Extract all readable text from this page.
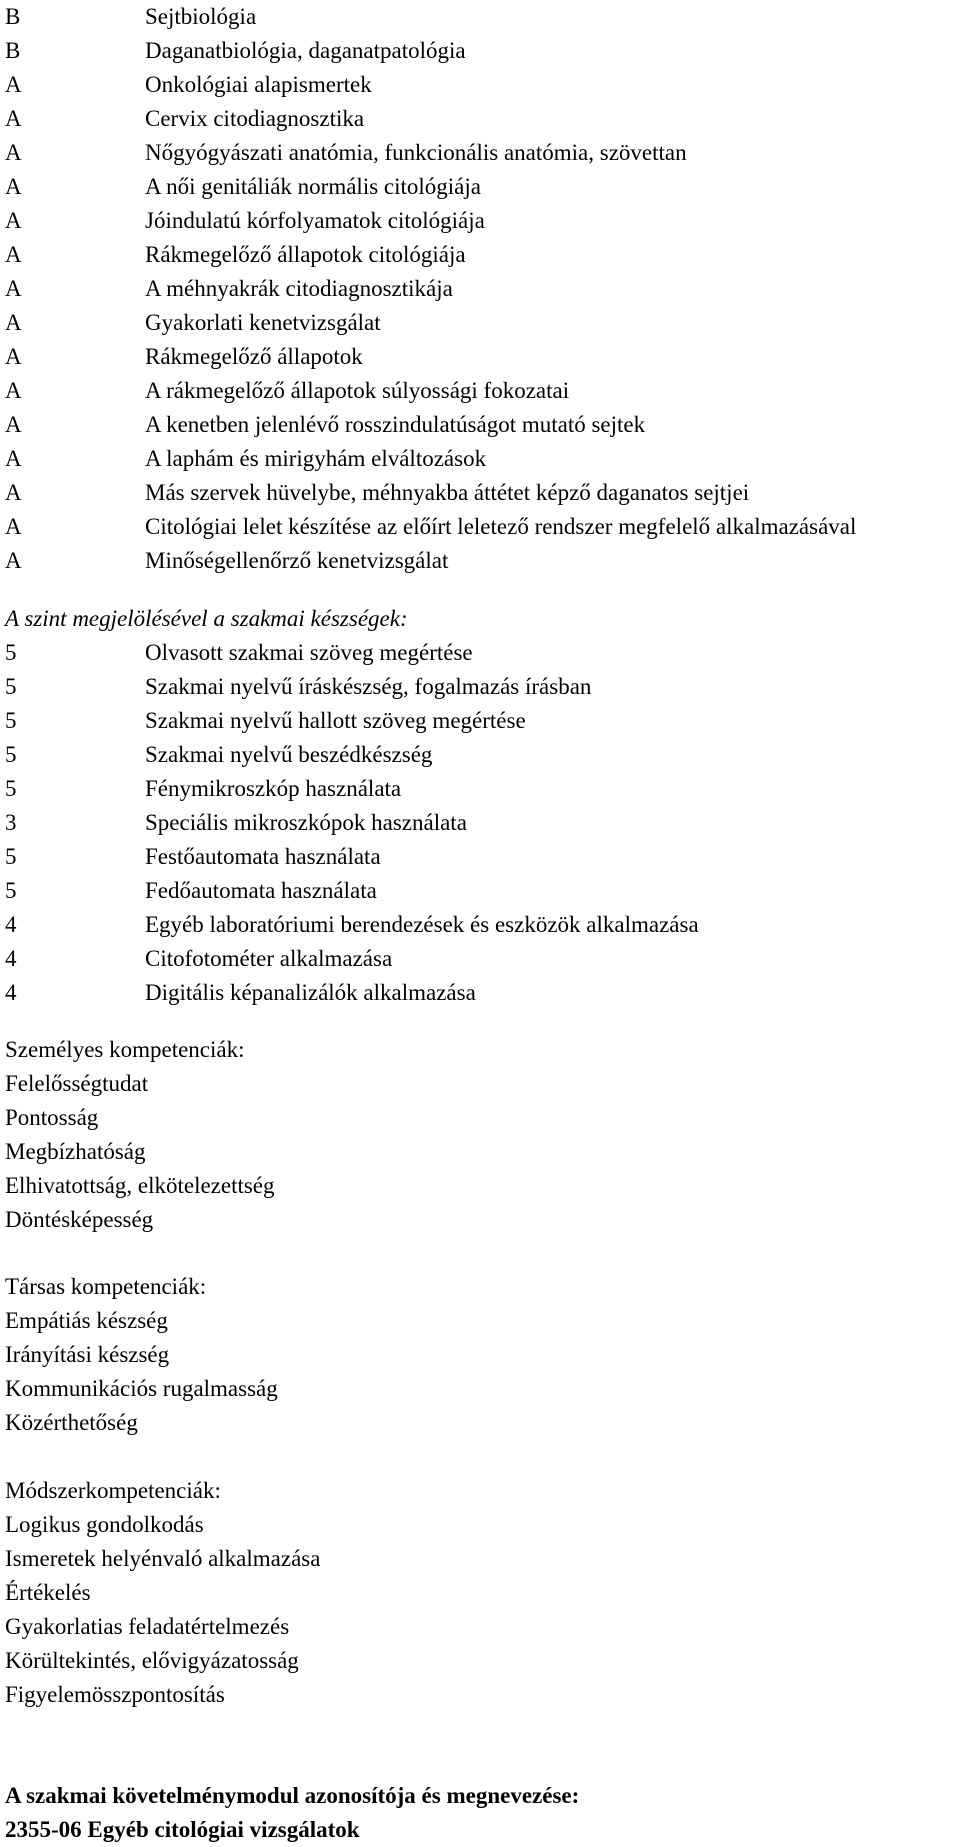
B	Sejtbiológia
B	Daganatbiológia, daganatpatológia
A	Onkológiai alapismertek
A	Cervix citodiagnosztika
A	Nőgyógyászati anatómia, funkcionális anatómia, szövettan
A	A női genitáliák normális citológiája
A	Jóindulatú kórfolyamatok citológiája
A	Rákmegelőző állapotok citológiája
A	A méhnyakrák citodiagnosztikája
A	Gyakorlati kenetvizsgálat
A	Rákmegelőző állapotok
A	A rákmegelőző állapotok súlyossági fokozatai
A	A kenetben jelenlévő rosszindulatúságot mutató sejtek
A	A laphám és mirigyhám elváltozások
A	Más szervek hüvelybe, méhnyakba áttétet képző daganatos sejtjei
A	Citológiai lelet készítése az előírt leletező rendszer megfelelő alkalmazásával
A	Minőségellenőrző kenetvizsgálat
A szint megjelölésével a szakmai készségek:
5	Olvasott szakmai szöveg megértése
5	Szakmai nyelvű íráskészség, fogalmazás írásban
5	Szakmai nyelvű hallott szöveg megértése
5	Szakmai nyelvű beszédkészség
5	Fénymikroszkóp használata
3	Speciális mikroszkópok használata
5	Festőautomata használata
5	Fedőautomata használata
4	Egyéb laboratóriumi berendezések és eszközök alkalmazása
4	Citofotométer alkalmazása
4	Digitális képanalizálók alkalmazása
Személyes kompetenciák:
Felelősségtudat
Pontosság
Megbízhatóság
Elhivatottság, elkötelezettség
Döntésképesség
Társas kompetenciák:
Empátiás készség
Irányítási készség
Kommunikációs rugalmasság
Közérthetőség
Módszerkompetenciák:
Logikus gondolkodás
Ismeretek helyénvaló alkalmazása
Értékelés
Gyakorlatias feladatértelmezés
Körültekintés, elővigyázatosság
Figyelemösszpontosítás
A szakmai követelménymodul azonosítója és megnevezése:
2355-06 Egyéb citológiai vizsgálatok
